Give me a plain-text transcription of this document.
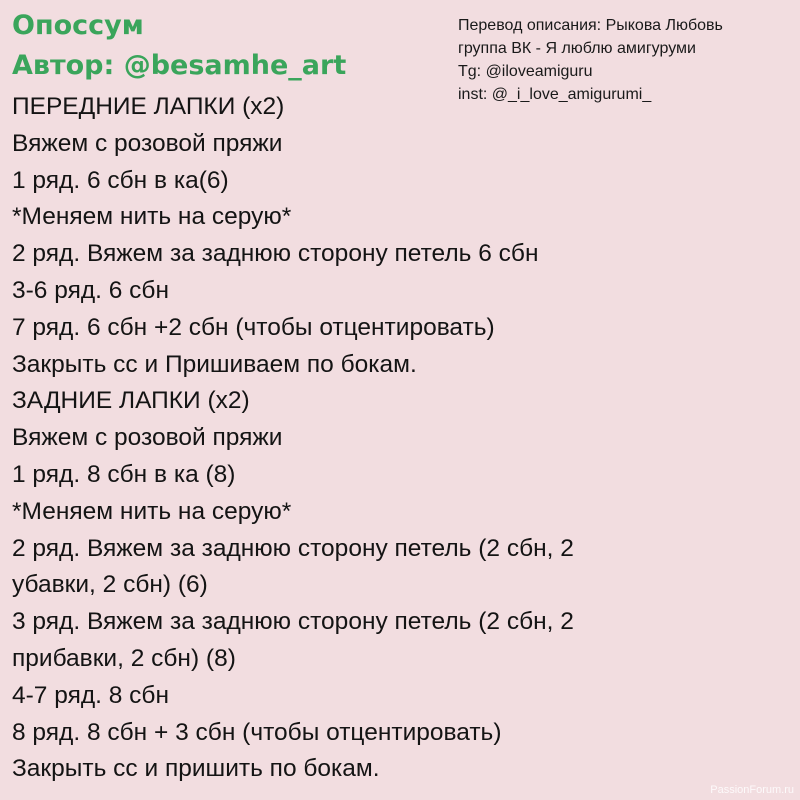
Опоссум
Автор: @besamhe_art
Перевод описания: Рыкова Любовь
группа ВК - Я люблю амигуруми
Tg: @iloveamiguru
inst: @_i_love_amigurumi_
ПЕРЕДНИЕ ЛАПКИ (х2)
Вяжем с розовой пряжи
1 ряд. 6 сбн в ка(6)
*Меняем нить на серую*
2 ряд. Вяжем за заднюю сторону петель 6 сбн
3-6 ряд. 6 сбн
7 ряд. 6 сбн +2 сбн (чтобы отцентировать)
Закрыть сс и Пришиваем по бокам.
ЗАДНИЕ ЛАПКИ (х2)
Вяжем с розовой пряжи
1 ряд. 8 сбн в ка (8)
*Меняем нить на серую*
2 ряд. Вяжем за заднюю сторону петель (2 сбн, 2
убавки, 2 сбн) (6)
3 ряд. Вяжем за заднюю сторону петель (2 сбн, 2
прибавки, 2 сбн) (8)
4-7 ряд. 8 сбн
8 ряд. 8 сбн + 3 сбн (чтобы отцентировать)
Закрыть сс и пришить по бокам.
PassionForum.ru
